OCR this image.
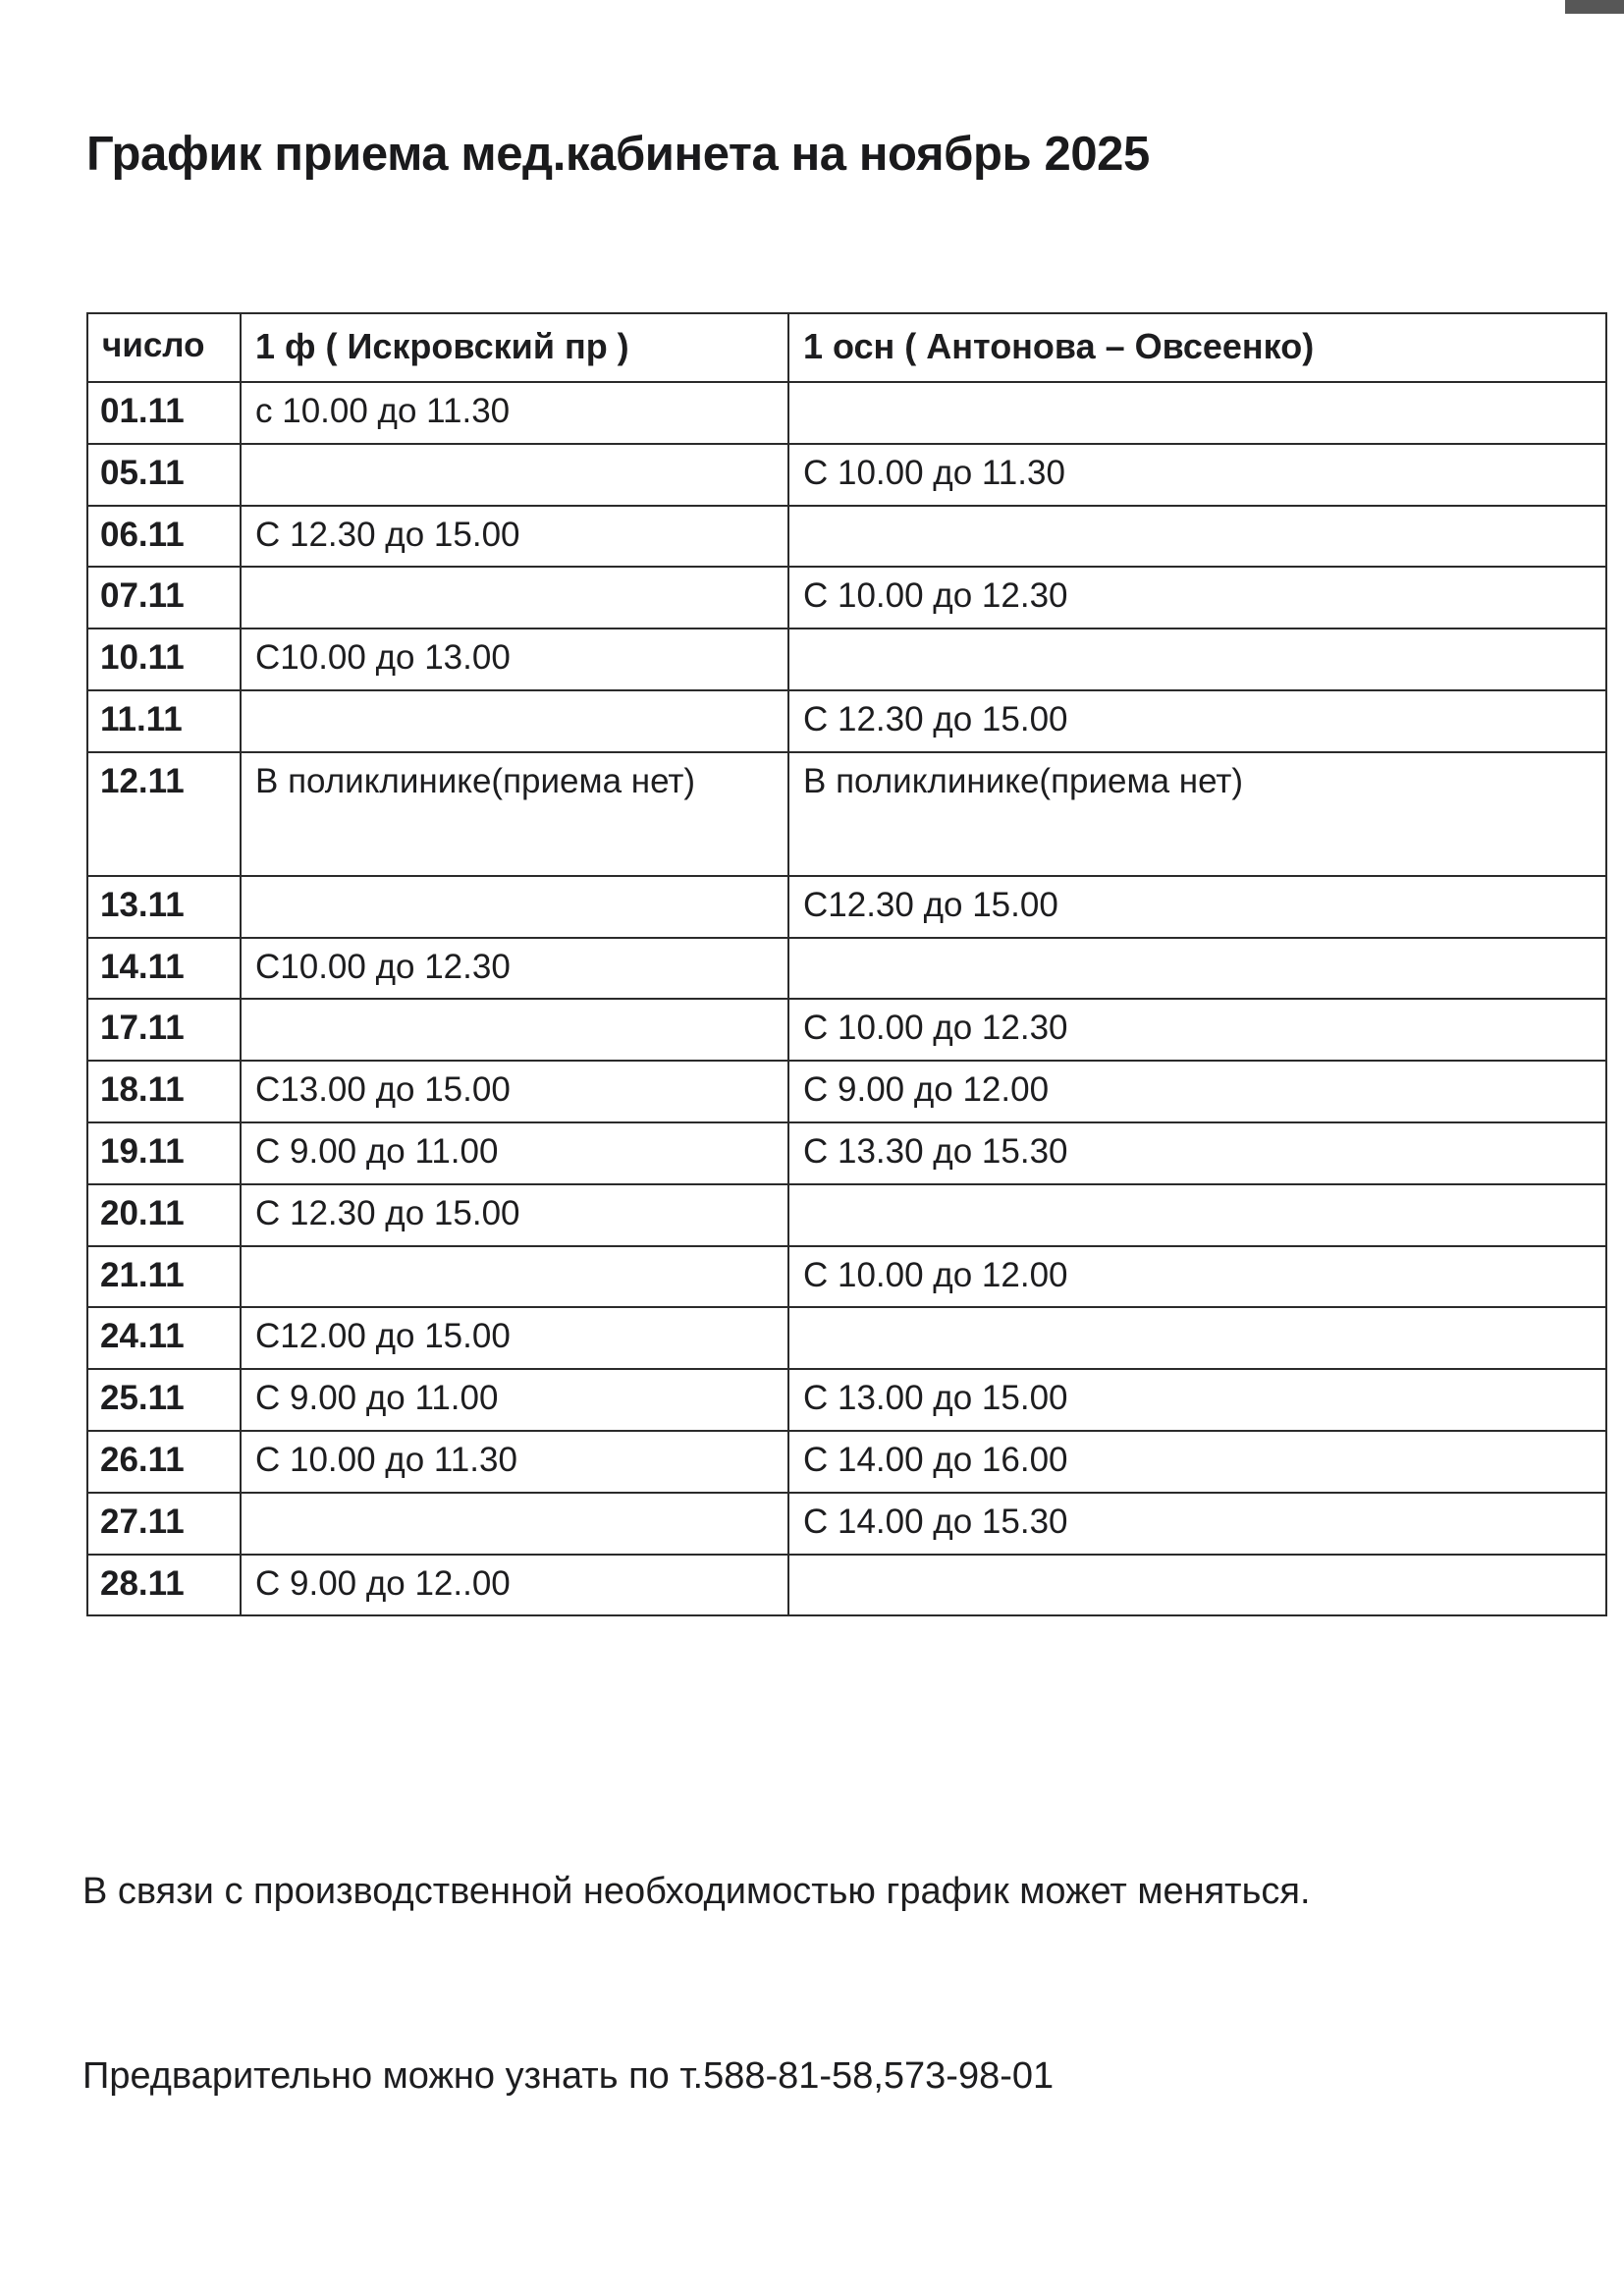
График приема мед.кабинета на ноябрь 2025
число	1 ф ( Искровский пр )	1 осн ( Антонова – Овсеенко)
01.11	с 10.00 до 11.30	
05.11		С 10.00 до 11.30
06.11	С 12.30 до 15.00	
07.11		С 10.00 до 12.30
10.11	С10.00 до 13.00	
11.11		С 12.30 до 15.00
12.11	В поликлинике(приема нет)	В поликлинике(приема нет)
13.11		С12.30 до 15.00
14.11	С10.00 до 12.30	
17.11		С 10.00 до 12.30
18.11	С13.00 до 15.00	С 9.00 до 12.00
19.11	С 9.00 до 11.00	С 13.30 до 15.30
20.11	С 12.30 до 15.00	
21.11		С 10.00 до 12.00
24.11	С12.00 до 15.00	
25.11	С 9.00 до 11.00	С 13.00 до 15.00
26.11	С 10.00 до 11.30	С 14.00 до 16.00
27.11		С 14.00 до 15.30
28.11	С 9.00 до 12..00	

В связи с производственной необходимостью график может меняться.

Предварительно можно узнать по т.588-81-58,573-98-01
